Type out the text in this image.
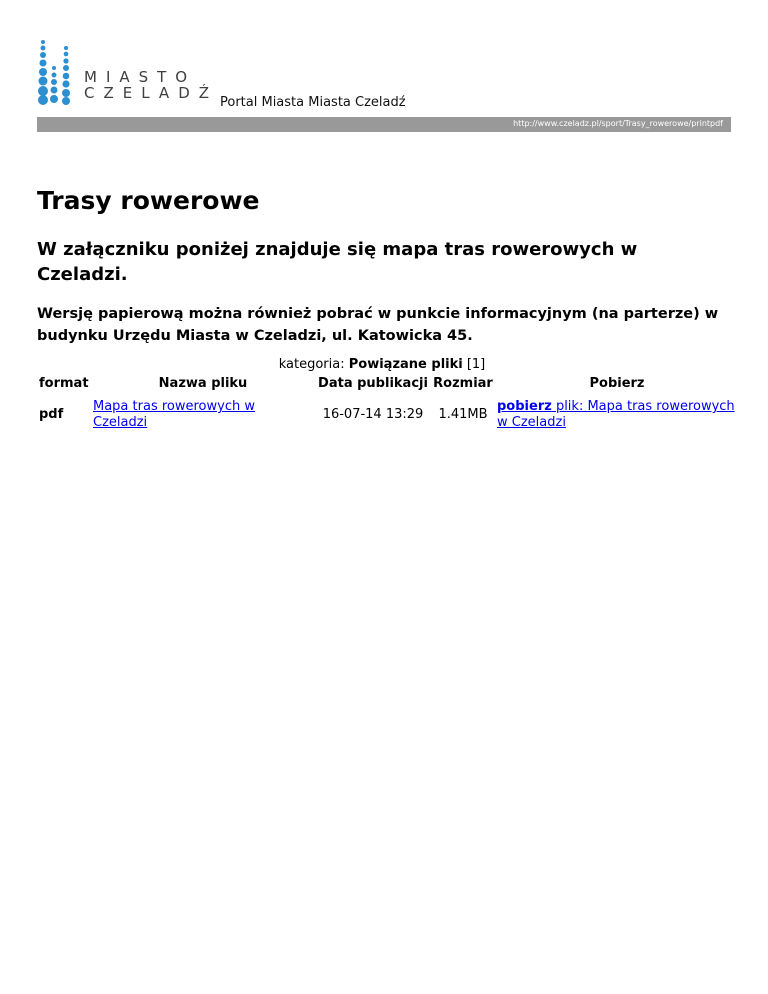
MIASTO
CZELADŹ
Portal Miasta Miasta Czeladź
http://www.czeladz.pl/sport/Trasy_rowerowe/printpdf
Trasy rowerowe

W załączniku poniżej znajduje się mapa tras rowerowych w Czeladzi.

Wersję papierową można również pobrać w punkcie informacyjnym (na parterze) w budynku Urzędu Miasta w Czeladzi, ul. Katowicka 45.

kategoria: Powiązane pliki [1]
format	Nazwa pliku	Data publikacji	Rozmiar	Pobierz
pdf	Mapa tras rowerowych w Czeladzi	16-07-14 13:29	1.41MB	pobierz plik: Mapa tras rowerowych w Czeladzi
